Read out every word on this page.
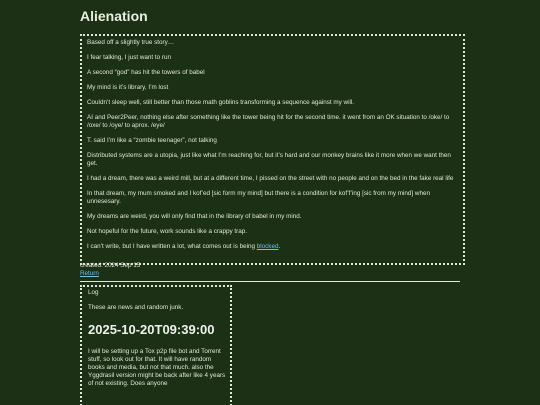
Alienation

Based off a slightly true story…

I fear talking, I just want to run

A second “god” has hit the towers of babel

My mind is it’s library, I’m lost

Couldn’t sleep well, still better than those math goblins transforming a sequence against my will.

AI and Peer2Peer, nothing else after something like the tower being hit for the second time. it went from an OK situation to /oke/ to /oxe/ to /oye/ to aprox. /eye/

T. said I’m like a “zombie teenager”, not talking

Distributed systems are a utopia, just like what I’m reaching for, but it’s hard and our monkey brains like it more when we want then get.

I had a dream, there was a weird mill, but at a different time, I pissed on the street with no people and on the bed in the fake real life

In that dream, my mum smoked and I kof’ed [sic form my mind] but there is a condition for kof’f’ing [sic from my mind] when unnesesary.

My dreams are weird, you will only find that in the library of babel in my mind.

Not hopeful for the future, work sounds like a crappy trap.

I can’t write, but I have written a lot, what comes out is being blocked.

created: 2024 Sep 15
Return
Log
These are news and random junk.
2025-10-20T09:39:00
I will be setting up a Tox p2p file bot and Torrent stuff, so look out for that. It will have random books and media, but not that much. also the Yggdrasil version might be back after like 4 years of not existing. Does anyone
